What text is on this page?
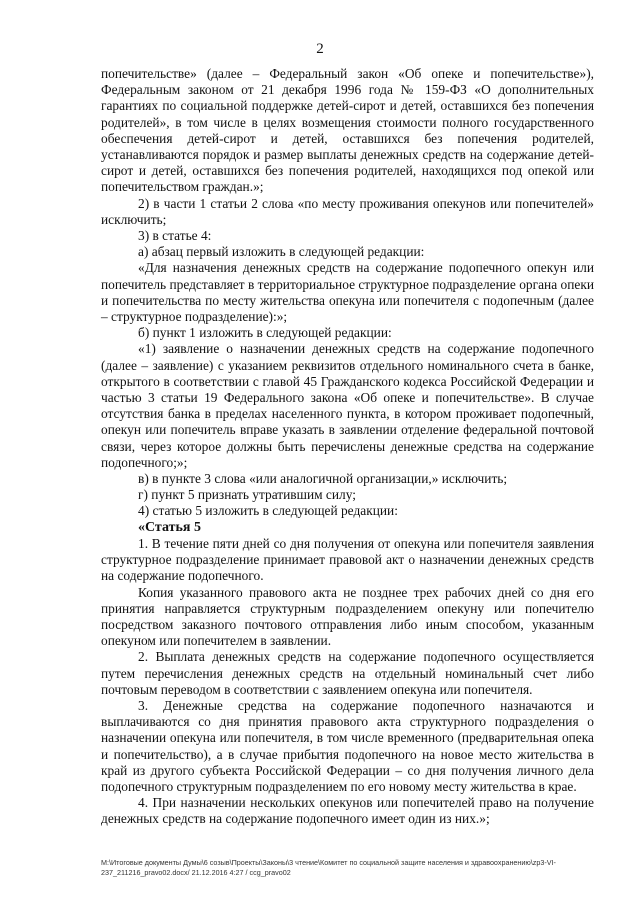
2

попечительстве» (далее – Федеральный закон «Об опеке и попечительстве»), Федеральным законом от 21 декабря 1996 года № 159-ФЗ «О дополнительных гарантиях по социальной поддержке детей-сирот и детей, оставшихся без попечения родителей», в том числе в целях возмещения стоимости полного государственного обеспечения детей-сирот и детей, оставшихся без попечения родителей, устанавливаются порядок и размер выплаты денежных средств на содержание детей-сирот и детей, оставшихся без попечения родителей, находящихся под опекой или попечительством граждан.»;

2) в части 1 статьи 2 слова «по месту проживания опекунов или попечителей» исключить;

3) в статье 4:

а) абзац первый изложить в следующей редакции:

«Для назначения денежных средств на содержание подопечного опекун или попечитель представляет в территориальное структурное подразделение органа опеки и попечительства по месту жительства опекуна или попечителя с подопечным (далее – структурное подразделение):»;

б) пункт 1 изложить в следующей редакции:

«1) заявление о назначении денежных средств на содержание подопечного (далее – заявление) с указанием реквизитов отдельного номинального счета в банке, открытого в соответствии с главой 45 Гражданского кодекса Российской Федерации и частью 3 статьи 19 Федерального закона «Об опеке и попечительстве». В случае отсутствия банка в пределах населенного пункта, в котором проживает подопечный, опекун или попечитель вправе указать в заявлении отделение федеральной почтовой связи, через которое должны быть перечислены денежные средства на содержание подопечного;»;

в) в пункте 3 слова «или аналогичной организации,» исключить;

г) пункт 5 признать утратившим силу;

4) статью 5 изложить в следующей редакции:

«Статья 5

1. В течение пяти дней со дня получения от опекуна или попечителя заявления структурное подразделение принимает правовой акт о назначении денежных средств на содержание подопечного.

Копия указанного правового акта не позднее трех рабочих дней со дня его принятия направляется структурным подразделением опекуну или попечителю посредством заказного почтового отправления либо иным способом, указанным опекуном или попечителем в заявлении.

2. Выплата денежных средств на содержание подопечного осуществляется путем перечисления денежных средств на отдельный номинальный счет либо почтовым переводом в соответствии с заявлением опекуна или попечителя.

3. Денежные средства на содержание подопечного назначаются и выплачиваются со дня принятия правового акта структурного подразделения о назначении опекуна или попечителя, в том числе временного (предварительная опека и попечительство), а в случае прибытия подопечного на новое место жительства в край из другого субъекта Российской Федерации – со дня получения личного дела подопечного структурным подразделением по его новому месту жительства в крае.

4. При назначении нескольких опекунов или попечителей право на получение денежных средств на содержание подопечного имеет один из них.»;

M:\Итоговые документы Думы\6 созыв\Проекты\Законы\3 чтение\Комитет по социальной защите населения и здравоохранению\zp3-VI-
237_211216_pravo02.docx/ 21.12.2016 4:27 / ccg_pravo02
